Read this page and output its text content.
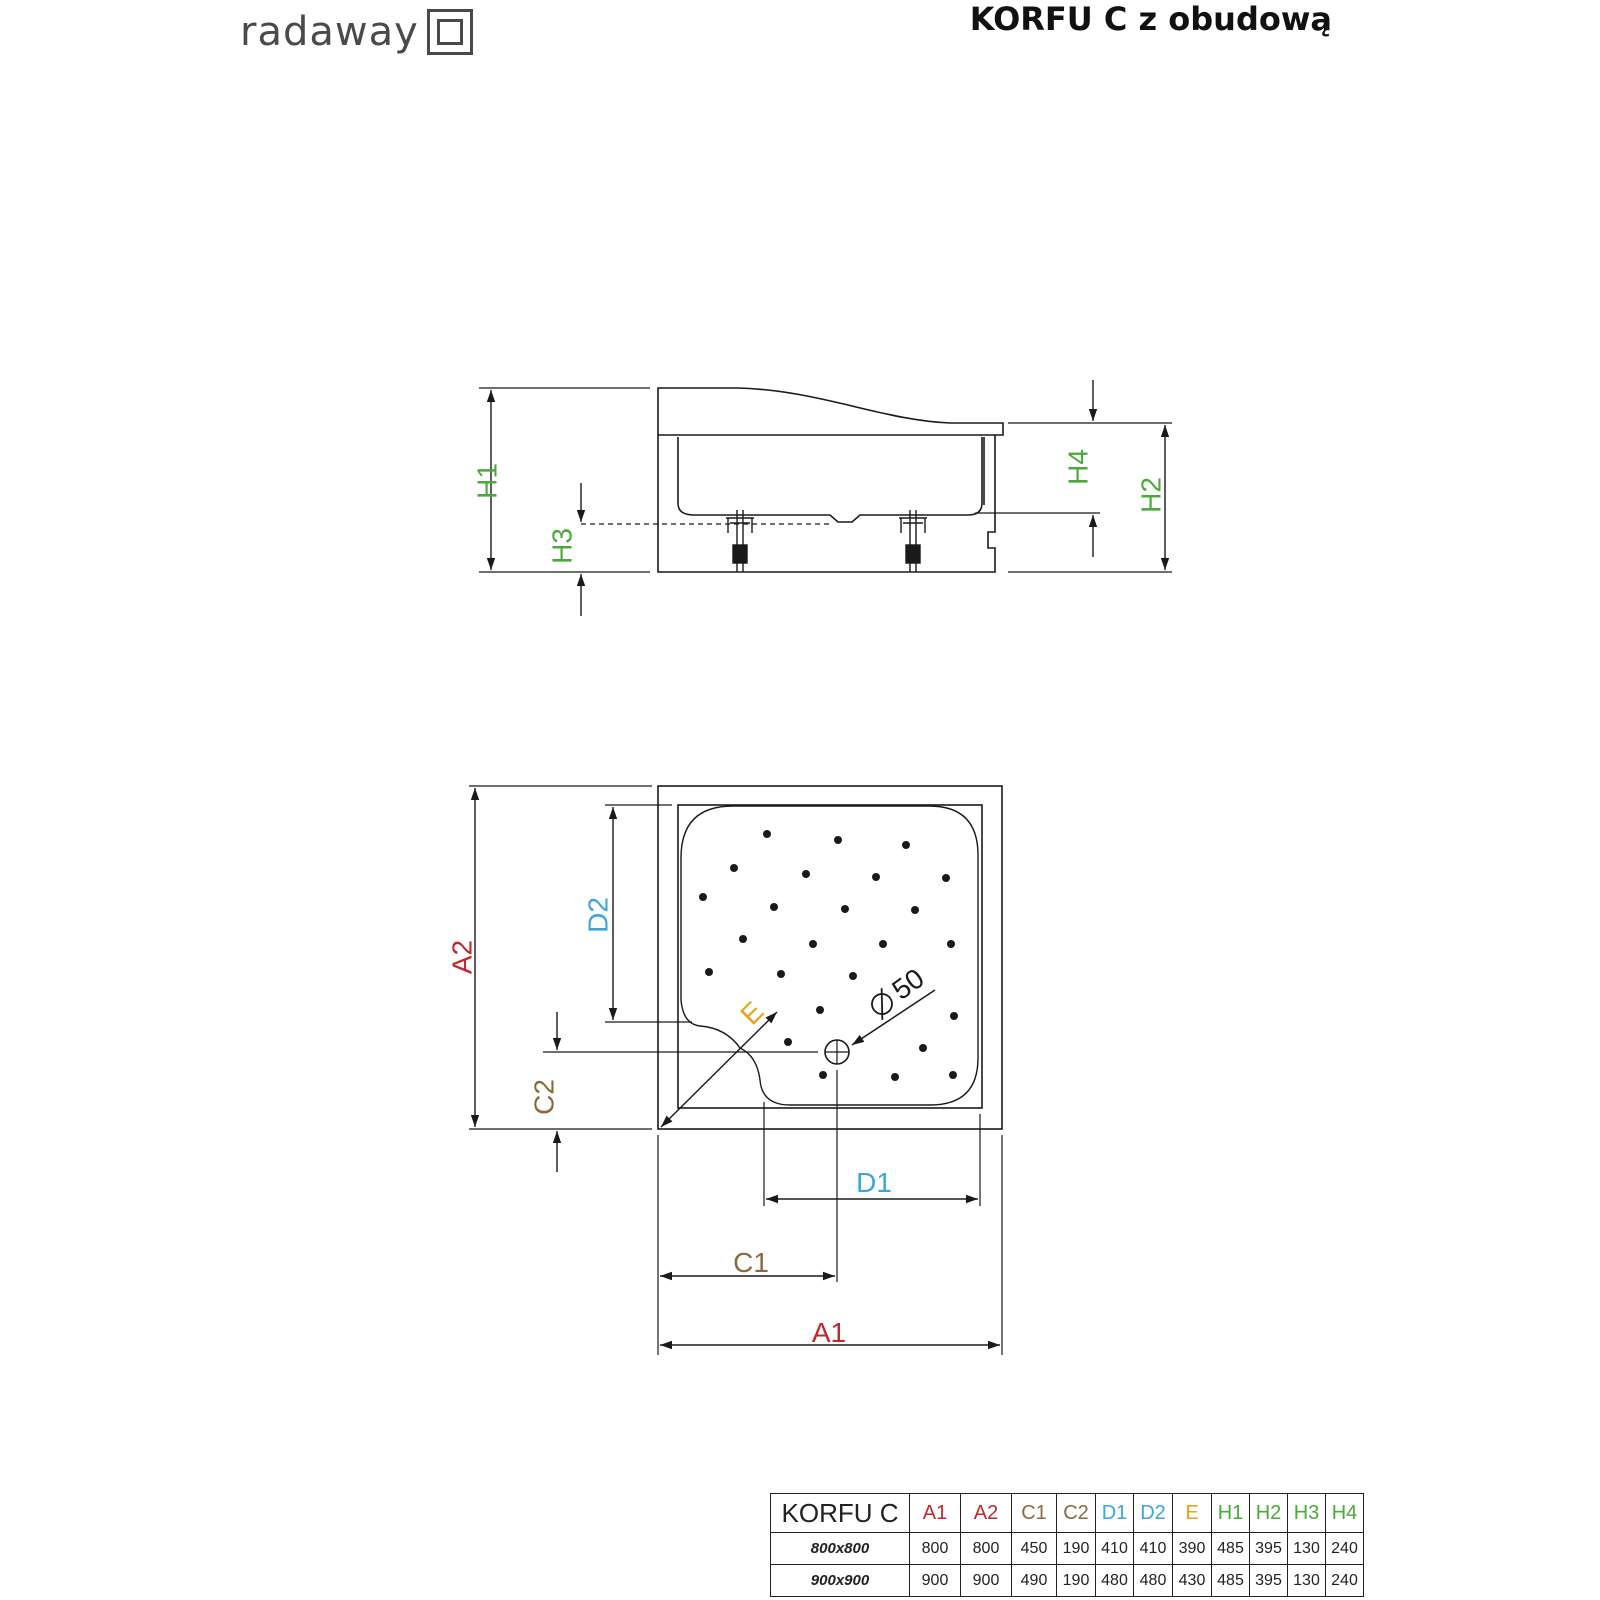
radaway	KORFU C z obudową
H1	H2
H3
H4
A2
D2
C2
D1
C1
A1
E
50
KORFU C	A1	A2	C1	C2	D1	D2	E	H1	H2	H3	H4
800x800	800	800	450	190	410	410	390	485	395	130	240
900x900	900	900	490	190	480	480	430	485	395	130	240
